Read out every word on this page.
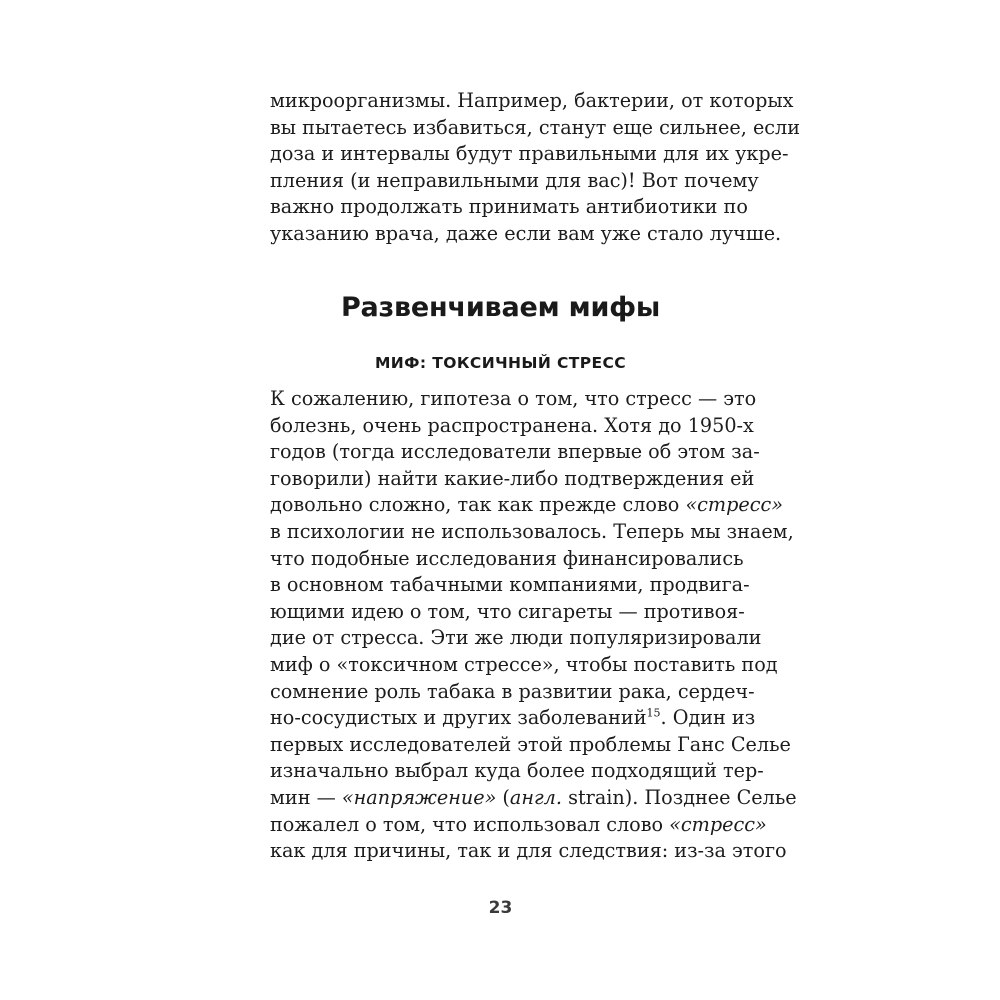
микроорганизмы. Например, бактерии, от которых
вы пытаетесь избавиться, станут еще сильнее, если
доза и интервалы будут правильными для их укре-
пления (и неправильными для вас)! Вот почему
важно продолжать принимать антибиотики по
указанию врача, даже если вам уже стало лучше.
Развенчиваем мифы
МИФ: ТОКСИЧНЫЙ СТРЕСС
К сожалению, гипотеза о том, что стресс — это
болезнь, очень распространена. Хотя до 1950-х
годов (тогда исследователи впервые об этом за-
говорили) найти какие-либо подтверждения ей
довольно сложно, так как прежде слово «стресс»
в психологии не использовалось. Теперь мы знаем,
что подобные исследования финансировались
в основном табачными компаниями, продвига-
ющими идею о том, что сигареты — противоя-
дие от стресса. Эти же люди популяризировали
миф о «токсичном стрессе», чтобы поставить под
сомнение роль табака в развитии рака, сердеч-
но-сосудистых и других заболеваний$^{15}$. Один из
первых исследователей этой проблемы Ганс Селье
изначально выбрал куда более подходящий тер-
мин — «напряжение» (англ. strain). Позднее Селье
пожалел о том, что использовал слово «стресс»
как для причины, так и для следствия: из-за этого
23
